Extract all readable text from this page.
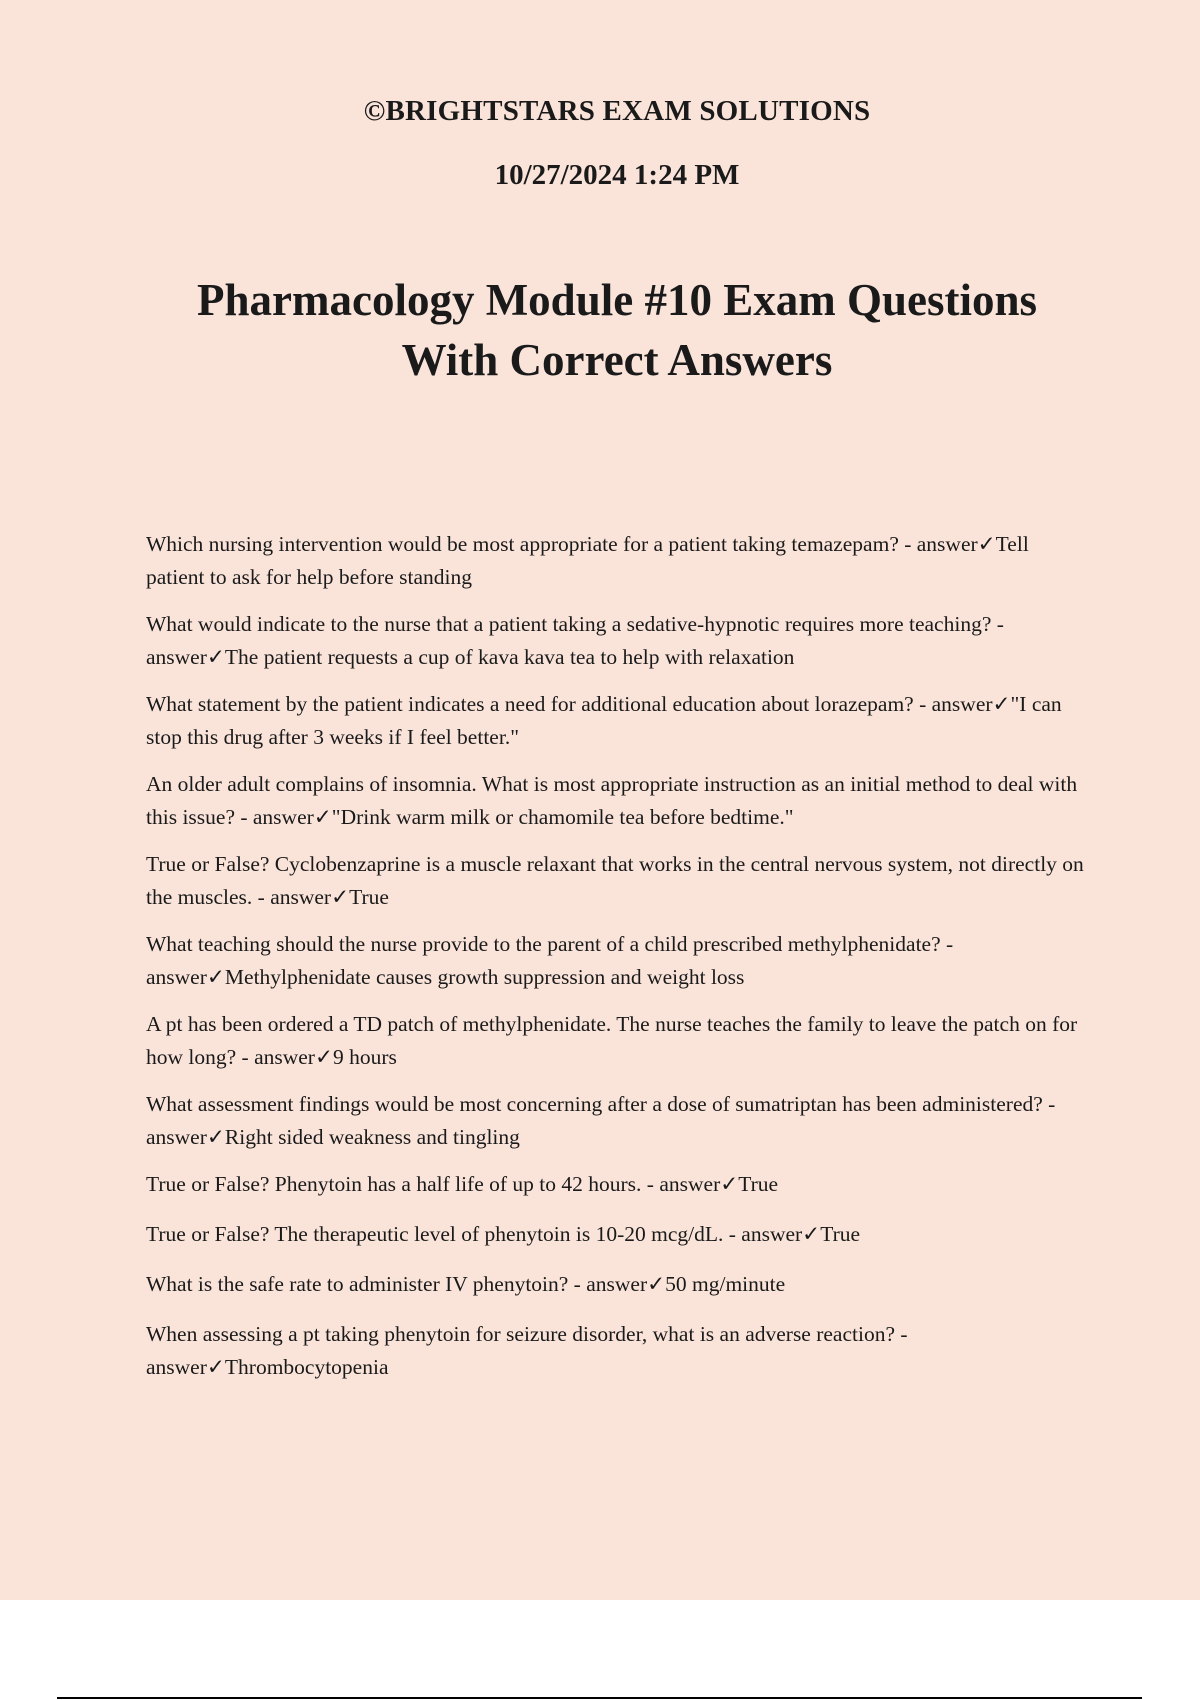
©BRIGHTSTARS EXAM SOLUTIONS
10/27/2024 1:24 PM
Pharmacology Module #10 Exam Questions
With Correct Answers
Which nursing intervention would be most appropriate for a patient taking temazepam? - answer✓Tell patient to ask for help before standing
What would indicate to the nurse that a patient taking a sedative-hypnotic requires more teaching? - answer✓The patient requests a cup of kava kava tea to help with relaxation
What statement by the patient indicates a need for additional education about lorazepam? - answer✓"I can stop this drug after 3 weeks if I feel better."
An older adult complains of insomnia. What is most appropriate instruction as an initial method to deal with this issue? - answer✓"Drink warm milk or chamomile tea before bedtime."
True or False? Cyclobenzaprine is a muscle relaxant that works in the central nervous system, not directly on the muscles. - answer✓True
What teaching should the nurse provide to the parent of a child prescribed methylphenidate? - answer✓Methylphenidate causes growth suppression and weight loss
A pt has been ordered a TD patch of methylphenidate. The nurse teaches the family to leave the patch on for how long? - answer✓9 hours
What assessment findings would be most concerning after a dose of sumatriptan has been administered? - answer✓Right sided weakness and tingling
True or False? Phenytoin has a half life of up to 42 hours. - answer✓True
True or False? The therapeutic level of phenytoin is 10-20 mcg/dL. - answer✓True
What is the safe rate to administer IV phenytoin? - answer✓50 mg/minute
When assessing a pt taking phenytoin for seizure disorder, what is an adverse reaction? - answer✓Thrombocytopenia
